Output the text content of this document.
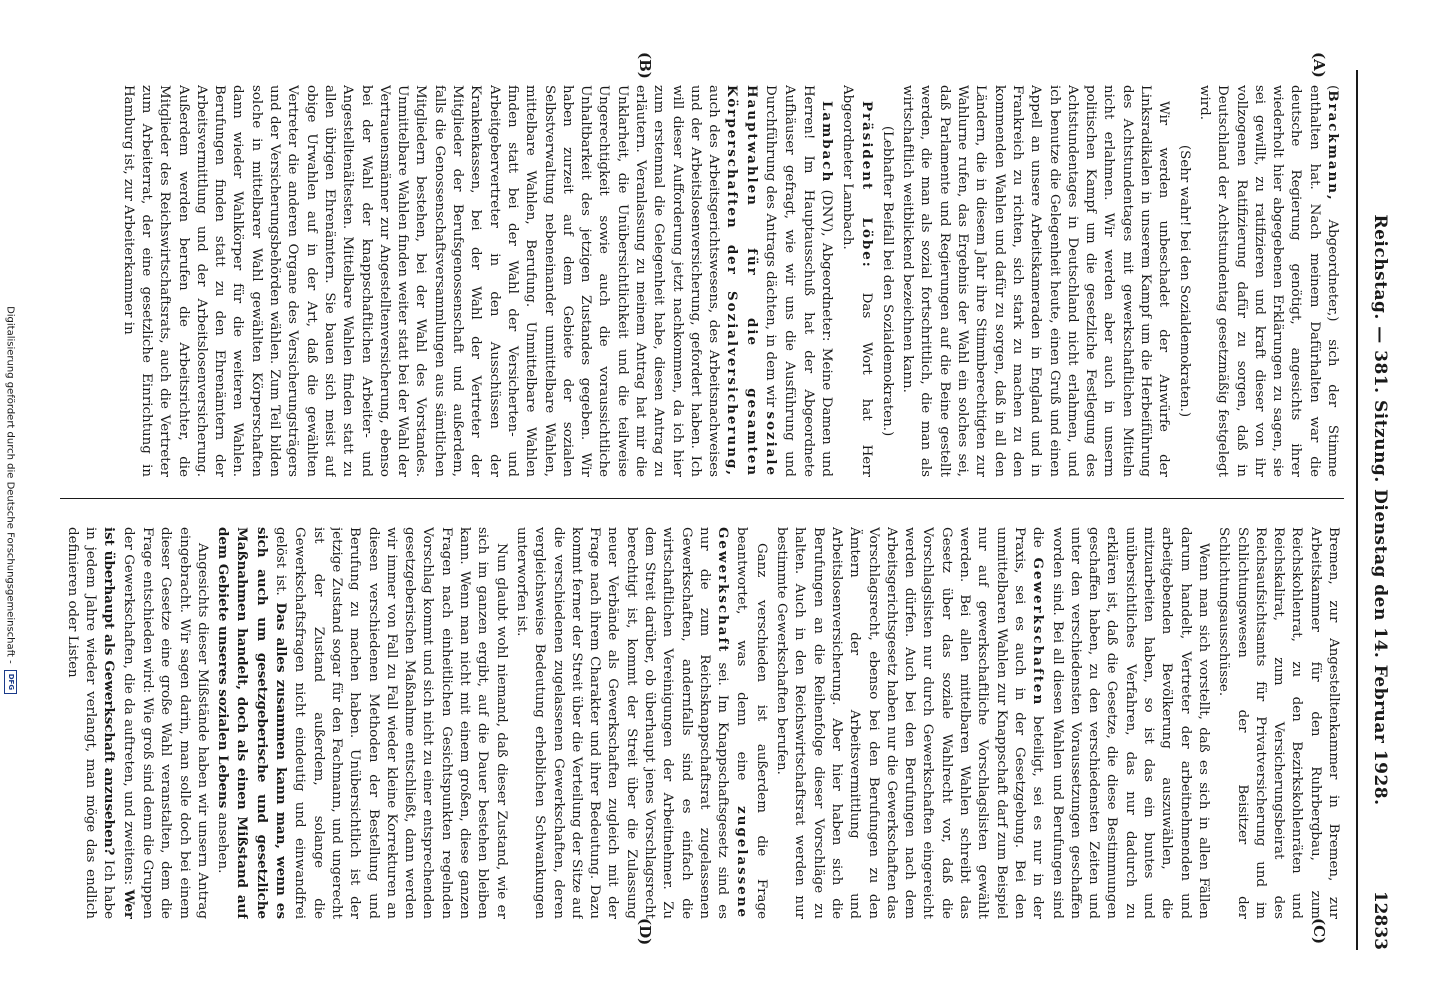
Reichstag. — 381. Sitzung. Dienstag den 14. Februar 1928.
12833
(A)
(B)
(C)
(D)

(Brackmann, Abgeordneter,) sich der Stimme enthalten hat. Nach meinem Dafürhalten war die deutsche Regierung genötigt, angesichts ihrer wiederholt hier abgegebenen Erklärungen zu sagen, sie sei gewillt, zu ratifizieren und kraft dieser von ihr vollzogenen Ratifizierung dafür zu sorgen, daß in Deutschland der Achtstundentag gesetzmäßig festgelegt wird.

(Sehr wahr! bei den Sozialdemokraten.)

Wir werden unbeschadet der Anwürfe der Linksradikalen in unserem Kampf um die Herbeiführung des Achtstundentages mit gewerkschaftlichen Mitteln nicht erlahmen. Wir werden aber auch in unserm politischen Kampf um die gesetzliche Festlegung des Achtstundentages in Deutschland nicht erlahmen, und ich benutze die Gelegenheit heute, einen Gruß und einen Appell an unsere Arbeitskameraden in England und in Frankreich zu richten, sich stark zu machen zu den kommenden Wahlen und dafür zu sorgen, daß in all den Ländern, die in diesem Jahr ihre Stimmberechtigten zur Wahlurne rufen, das Ergebnis der Wahl ein solches sei, daß Parlamente und Regierungen auf die Beine gestellt werden, die man als sozial fortschrittlich, die man als wirtschaftlich weitblickend bezeichnen kann.

(Lebhafter Beifall bei den Sozialdemokraten.)

Präsident Löbe: Das Wort hat Herr Abgeordneter Lambach.

Lambach (DNV), Abgeordneter: Meine Damen und Herren! Im Hauptausschuß hat der Abgeordnete Aufhäuser gefragt, wie wir uns die Ausführung und Durchführung des Antrags dächten, in dem wir soziale Hauptwahlen für die gesamten Körperschaften der Sozialversicherung, auch des Arbeitsgerichtswesens, des Arbeitsnachweises und der Arbeitslosenversicherung, gefordert haben. Ich will dieser Aufforderung jetzt nachkommen, da ich hier zum erstenmal die Gelegenheit habe, diesen Antrag zu erläutern. Veranlassung zu meinem Antrag hat mir die Unklarheit, die Unübersichtlichkeit und die teilweise Ungerechtigkeit sowie auch die voraussichtliche Unhaltbarkeit des jetzigen Zustandes gegeben. Wir haben zurzeit auf dem Gebiete der sozialen Selbstverwaltung nebeneinander unmittelbare Wahlen, mittelbare Wahlen, Berufung. Unmittelbare Wahlen finden statt bei der Wahl der Versicherten- und Arbeitgebervertreter in den Ausschüssen der Krankenkassen, bei der Wahl der Vertreter der Mitglieder der Berufsgenossenschaft und außerdem, falls die Genossenschaftsversammlungen aus sämtlichen Mitgliedern bestehen, bei der Wahl des Vorstandes. Unmittelbare Wahlen finden weiter statt bei der Wahl der Vertrauensmänner zur Angestelltenversicherung, ebenso bei der Wahl der knappschaftlichen Arbeiter- und Angestelltenältesten. Mittelbare Wahlen finden statt zu allen übrigen Ehrenämtern. Sie bauen sich meist auf obige Urwahlen auf in der Art, daß die gewählten Vertreter die anderen Organe des Versicherungsträgers und der Versicherungsbehörden wählen. Zum Teil bilden solche in mittelbarer Wahl gewählten Körperschaften dann wieder Wahlkörper für die weiteren Wahlen. Berufungen finden statt zu den Ehrenämtern der Arbeitsvermittlung und der Arbeitslosenversicherung. Außerdem werden berufen die Arbeitsrichter, die Mitglieder des Reichswirtschaftsrats, auch die Vertreter zum Arbeiterrat, der eine gesetzliche Einrichtung in Hamburg ist, zur Arbeiterkammer in

Bremen, zur Angestelltenkammer in Bremen, zur Arbeitskammer für den Ruhrbergbau, zum Reichskohlenrat, zu den Bezirkskohlenräten und Reichskalirat, zum Versicherungsbeirat des Reichsaufsichtsamts für Privatversicherung und im Schlichtungswesen der Beisitzer der Schlichtungsausschüsse.

Wenn man sich vorstellt, daß es sich in allen Fällen darum handelt, Vertreter der arbeitnehmenden und arbeitgebenden Bevölkerung auszuwählen, die mitzuarbeiten haben, so ist das ein buntes und unübersichtliches Verfahren, das nur dadurch zu erklären ist, daß die Gesetze, die diese Bestimmungen geschaffen haben, zu den verschiedensten Zeiten und unter den verschiedensten Voraussetzungen geschaffen worden sind. Bei all diesen Wahlen und Berufungen sind die Gewerkschaften beteiligt, sei es nur in der Praxis, sei es auch in der Gesetzgebung. Bei den unmittelbaren Wahlen zur Knappschaft darf zum Beispiel nur auf gewerkschaftliche Vorschlagslisten gewählt werden. Bei allen mittelbaren Wahlen schreibt das Gesetz über das soziale Wahlrecht vor, daß die Vorschlagslisten nur durch Gewerkschaften eingereicht werden dürfen. Auch bei den Berufungen nach dem Arbeitsgerichtsgesetz haben nur die Gewerkschaften das Vorschlagsrecht, ebenso bei den Berufungen zu den Ämtern der Arbeitsvermittlung und Arbeitslosenversicherung. Aber hier haben sich die Berufungen an die Reihenfolge dieser Vorschläge zu halten. Auch in den Reichswirtschaftsrat werden nur bestimmte Gewerkschaften berufen.

Ganz verschieden ist außerdem die Frage beantwortet, was denn eine zugelassene Gewerkschaft sei. Im Knappschaftsgesetz sind es nur die zum Reichsknappschaftsrat zugelassenen Gewerkschaften, andernfalls sind es einfach die wirtschaftlichen Vereinigungen der Arbeitnehmer. Zu dem Streit darüber, ob überhaupt jenes Vorschlagsrecht berechtigt ist, kommt der Streit über die Zulassung neuer Verbände als Gewerkschaften zugleich mit der Frage nach ihrem Charakter und ihrer Bedeutung. Dazu kommt ferner der Streit über die Verteilung der Sitze auf die verschiedenen zugelassenen Gewerkschaften, deren vergleichsweise Bedeutung erheblichen Schwankungen unterworfen ist.

Nun glaubt wohl niemand, daß dieser Zustand, wie er sich im ganzen ergibt, auf die Dauer bestehen bleiben kann. Wenn man nicht mit einem großen, diese ganzen Fragen nach einheitlichen Gesichtspunkten regelnden Vorschlag kommt und sich nicht zu einer entsprechenden gesetzgeberischen Maßnahme entschließt, dann werden wir immer von Fall zu Fall wieder kleine Korrekturen an diesen verschiedenen Methoden der Bestellung und Berufung zu machen haben. Unübersichtlich ist der jetzige Zustand sogar für den Fachmann, und ungerecht ist der Zustand außerdem, solange die Gewerkschaftsfragen nicht eindeutig und einwandfrei gelöst ist. Das alles zusammen kann man, wenn es sich auch um gesetzgeberische und gesetzliche Maßnahmen handelt, doch als einen Mißstand auf dem Gebiete unseres sozialen Lebens ansehen.

Angesichts dieser Mißstände haben wir unsern Antrag eingebracht. Wir sagen darin, man solle doch bei einem dieser Gesetze eine große Wahl veranstalten, dem die Frage entschieden wird: Wie groß sind denn die Gruppen der Gewerkschaften, die da auftreten, und zweitens: Wer ist überhaupt als Gewerkschaft anzusehen? Ich habe in jedem Jahre wieder verlangt, man möge das endlich definieren oder Listen

Digitalisierung gefördert durch die Deutsche Forschungsgemeinschaft - DFG
